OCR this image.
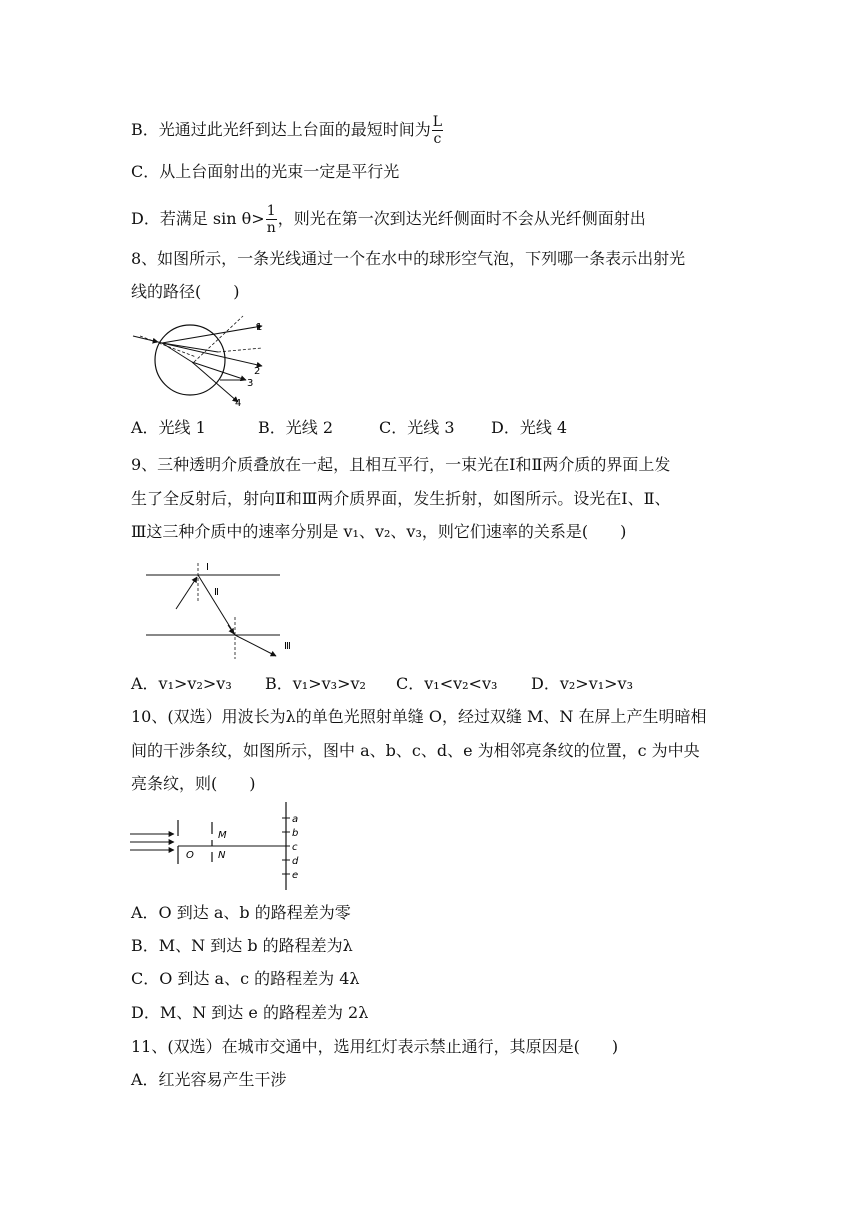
B．光通过此光纤到达上台面的最短时间为 $\frac{L}{c}$
C．从上台面射出的光束一定是平行光
D．若满足 $\sin \theta> \frac{1}{n}$ ，则光在第一次到达光纤侧面时不会从光纤侧面射出
8、如图所示，一条光线通过一个在水中的球形空气泡，下列哪一条表示出射光
线的路径(　　)
1
2
3
4
A．光线 1	B．光线 2	C．光线 3 D．光线 4
9、三种透明介质叠放在一起，且相互平行，一束光在Ⅰ和Ⅱ两介质的界面上发
生了全反射后，射向Ⅱ和Ⅲ两介质界面，发生折射，如图所示。设光在Ⅰ、Ⅱ、
Ⅲ这三种介质中的速率分别是 v₁、v₂、v₃，则它们速率的关系是(　　)
Ⅰ
Ⅱ
Ⅲ
A．v₁>v₂>v₃ B．v₁>v₃>v₂ C．v₁<v₂<v₃ D．v₂>v₁>v₃
10、(双选）用波长为λ的单色光照射单缝 O，经过双缝 M、N 在屏上产生明暗相
间的干涉条纹，如图所示，图中 a、b、c、d、e 为相邻亮条纹的位置，c 为中央
亮条纹，则(　　)
O
M
N
a
b
c
d
e
A．O 到达 a、b 的路程差为零
B．M、N 到达 b 的路程差为λ
C．O 到达 a、c 的路程差为 4λ
D．M、N 到达 e 的路程差为 2λ
11、(双选）在城市交通中，选用红灯表示禁止通行，其原因是(　　)
A．红光容易产生干涉
